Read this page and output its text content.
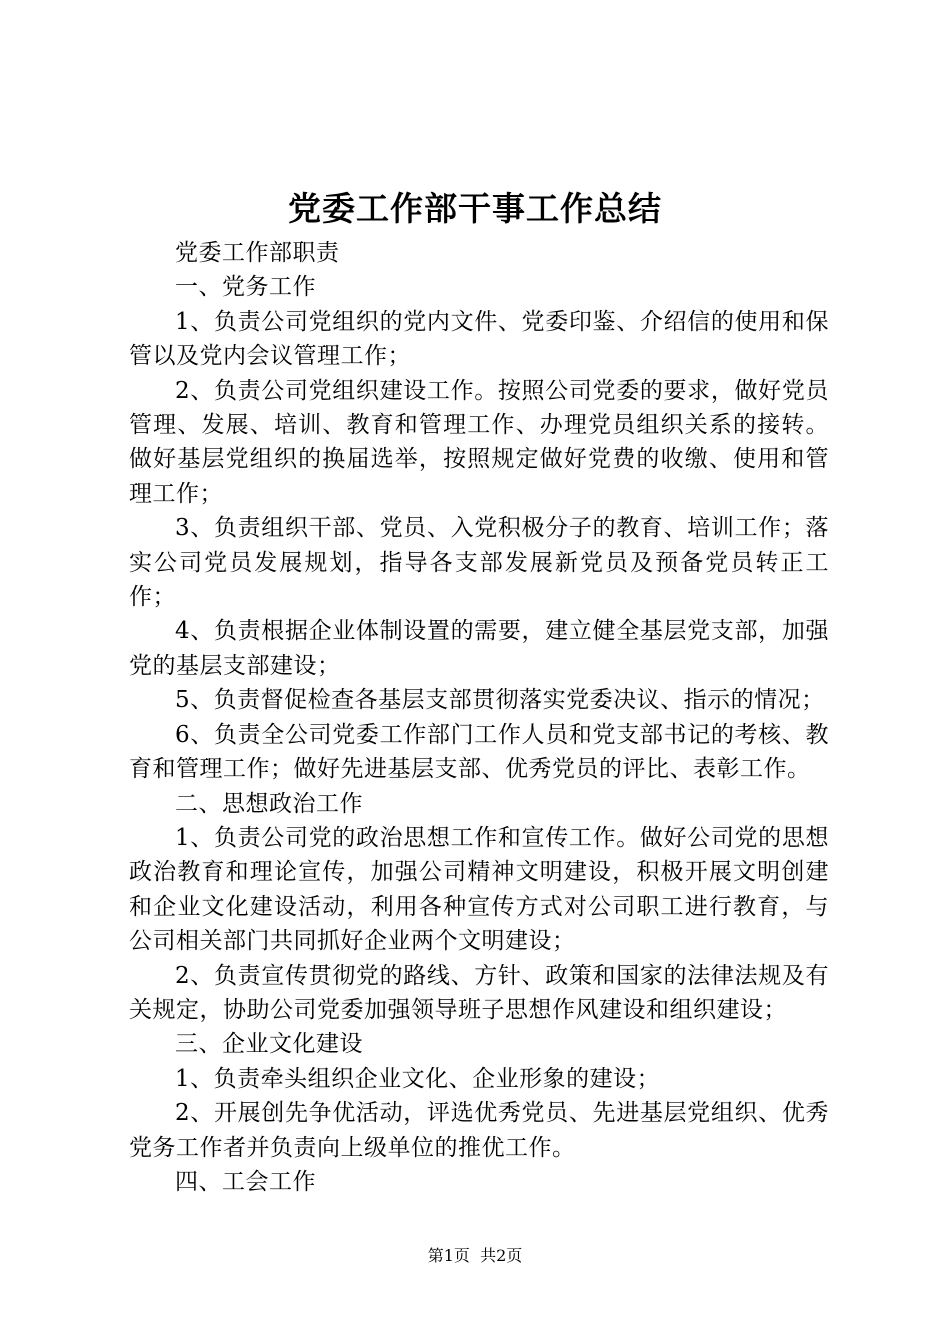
党委工作部干事工作总结

党委工作部职责

一、党务工作

1、负责公司党组织的党内文件、党委印鉴、介绍信的使用和保管以及党内会议管理工作；

2、负责公司党组织建设工作。按照公司党委的要求，做好党员管理、发展、培训、教育和管理工作、办理党员组织关系的接转。做好基层党组织的换届选举，按照规定做好党费的收缴、使用和管理工作；

3、负责组织干部、党员、入党积极分子的教育、培训工作；落实公司党员发展规划，指导各支部发展新党员及预备党员转正工作；

4、负责根据企业体制设置的需要，建立健全基层党支部，加强党的基层支部建设；

5、负责督促检查各基层支部贯彻落实党委决议、指示的情况；

6、负责全公司党委工作部门工作人员和党支部书记的考核、教育和管理工作；做好先进基层支部、优秀党员的评比、表彰工作。

二、思想政治工作

1、负责公司党的政治思想工作和宣传工作。做好公司党的思想政治教育和理论宣传，加强公司精神文明建设，积极开展文明创建和企业文化建设活动，利用各种宣传方式对公司职工进行教育，与公司相关部门共同抓好企业两个文明建设；

2、负责宣传贯彻党的路线、方针、政策和国家的法律法规及有关规定，协助公司党委加强领导班子思想作风建设和组织建设；

三、企业文化建设

1、负责牵头组织企业文化、企业形象的建设；

2、开展创先争优活动，评选优秀党员、先进基层党组织、优秀党务工作者并负责向上级单位的推优工作。

四、工会工作

第1页  共2页
